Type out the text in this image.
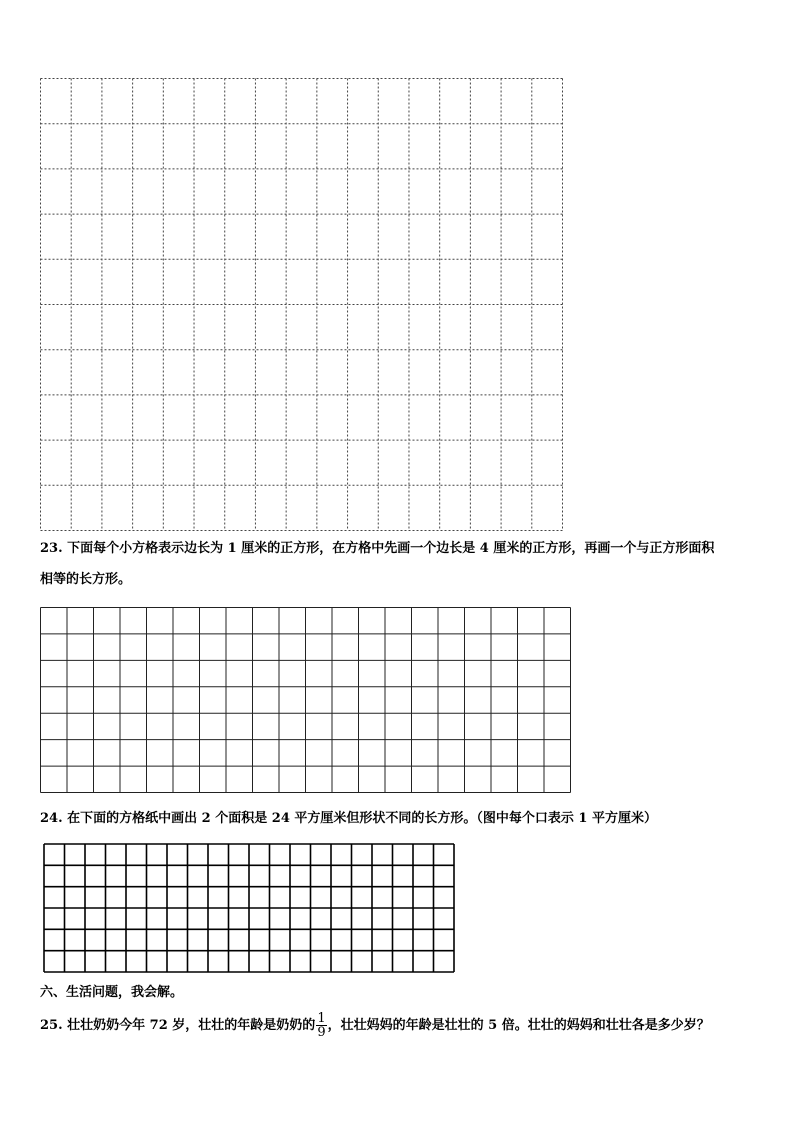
23. 下面每个小方格表示边长为 1 厘米的正方形，在方格中先画一个边长是 4 厘米的正方形，再画一个与正方形面积
相等的长方形。
24. 在下面的方格纸中画出 2 个面积是 24 平方厘米但形状不同的长方形。（图中每个口表示 1 平方厘米）
六、生活问题，我会解。
25. 壮壮奶奶今年 72 岁，壮壮的年龄是奶奶的 $\frac{1}{9}$ ，壮壮妈妈的年龄是壮壮的 5 倍。壮壮的妈妈和壮壮各是多少岁？
